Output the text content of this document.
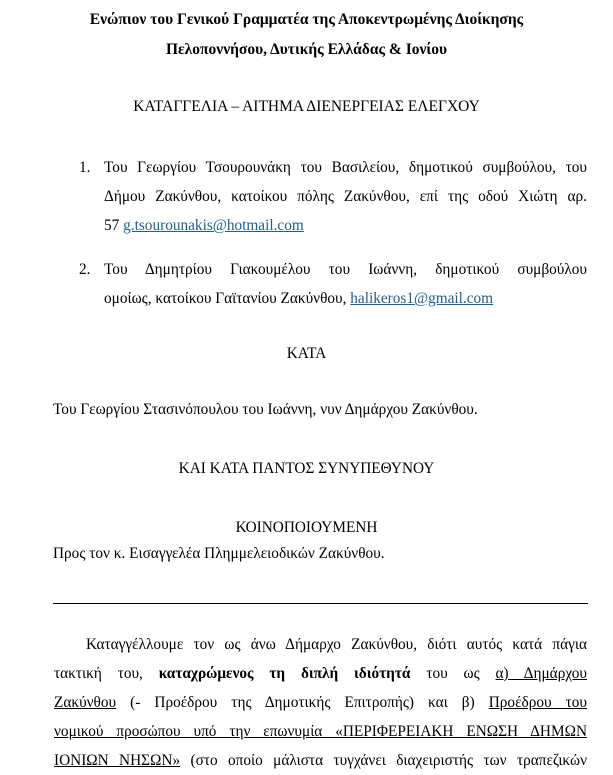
Ενώπιον του Γενικού Γραμματέα της Αποκεντρωμένης Διοίκησης
Πελοποννήσου, Δυτικής Ελλάδας & Ιονίου
ΚΑΤΑΓΓΕΛΙΑ – ΑΙΤΗΜΑ ΔΙΕΝΕΡΓΕΙΑΣ ΕΛΕΓΧΟΥ
1. Του Γεωργίου Τσουρουνάκη του Βασιλείου, δημοτικού συμβούλου, του
Δήμου Ζακύνθου, κατοίκου πόλης Ζακύνθου, επί της οδού Χιώτη αρ.
57 g.tsourounakis@hotmail.com
2. Του Δημητρίου Γιακουμέλου του Ιωάννη, δημοτικού συμβούλου
ομοίως, κατοίκου Γαϊτανίου Ζακύνθου, halikeros1@gmail.com
ΚΑΤΑ
Του Γεωργίου Στασινόπουλου του Ιωάννη, νυν Δημάρχου Ζακύνθου.
ΚΑΙ ΚΑΤΑ ΠΑΝΤΟΣ ΣΥΝΥΠΕΘΥΝΟΥ
ΚΟΙΝΟΠΟΙΟΥΜΕΝΗ
Προς τον κ. Εισαγγελέα Πλημμελειοδικών Ζακύνθου.
Καταγγέλλουμε τον ως άνω Δήμαρχο Ζακύνθου, διότι αυτός κατά πάγια
τακτική του, καταχρώμενος τη διπλή ιδιότητά του ως α) Δημάρχου
Ζακύνθου (- Προέδρου της Δημοτικής Επιτροπής) και β) Προέδρου του
νομικού προσώπου υπό την επωνυμία «ΠΕΡΙΦΕΡΕΙΑΚΗ ΕΝΩΣΗ ΔΗΜΩΝ
ΙΟΝΙΩΝ ΝΗΣΩΝ» (στο οποίο μάλιστα τυγχάνει διαχειριστής των τραπεζικών
